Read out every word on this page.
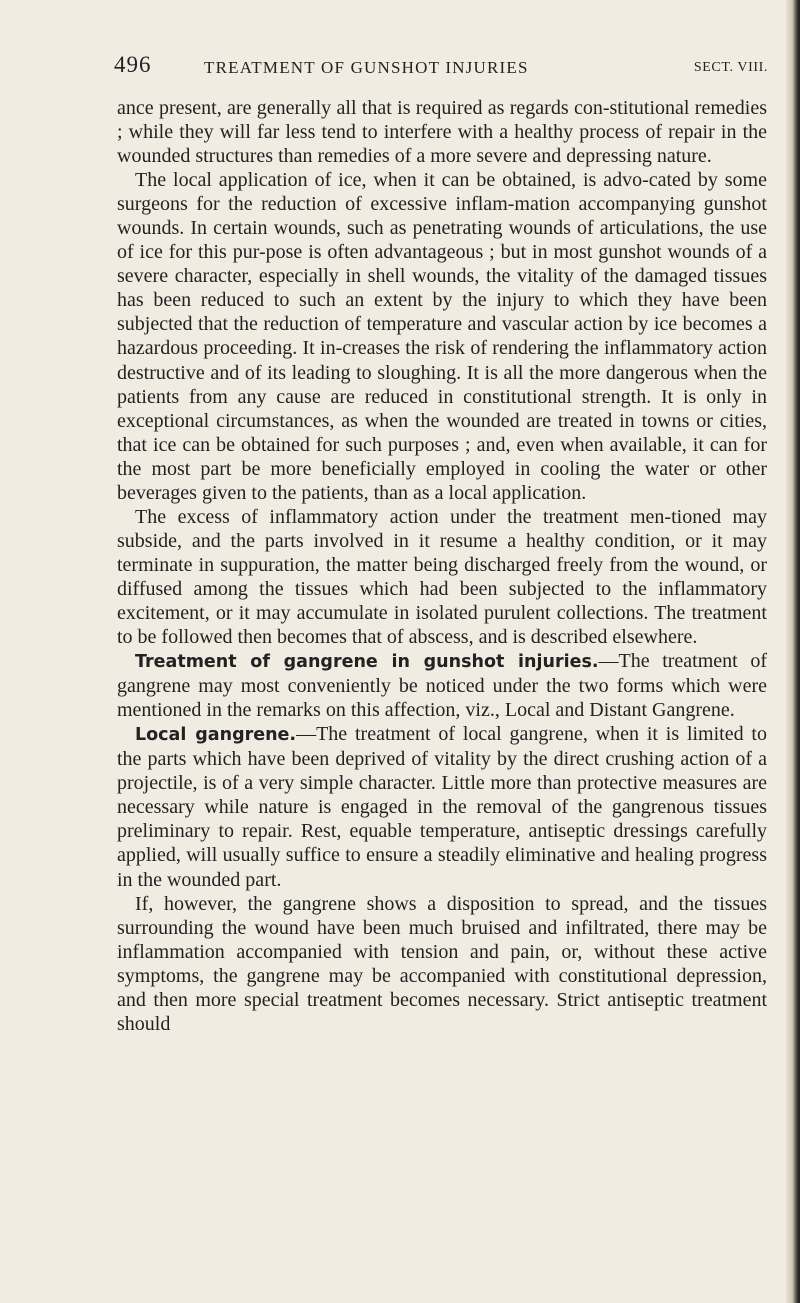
496	TREATMENT OF GUNSHOT INJURIES	SECT. VIII.

ance present, are generally all that is required as regards con-stitutional remedies ; while they will far less tend to interfere with a healthy process of repair in the wounded structures than remedies of a more severe and depressing nature.

The local application of ice, when it can be obtained, is advo-cated by some surgeons for the reduction of excessive inflam-mation accompanying gunshot wounds. In certain wounds, such as penetrating wounds of articulations, the use of ice for this pur-pose is often advantageous ; but in most gunshot wounds of a severe character, especially in shell wounds, the vitality of the damaged tissues has been reduced to such an extent by the injury to which they have been subjected that the reduction of temperature and vascular action by ice becomes a hazardous proceeding. It in-creases the risk of rendering the inflammatory action destructive and of its leading to sloughing. It is all the more dangerous when the patients from any cause are reduced in constitutional strength. It is only in exceptional circumstances, as when the wounded are treated in towns or cities, that ice can be obtained for such purposes ; and, even when available, it can for the most part be more beneficially employed in cooling the water or other beverages given to the patients, than as a local application.

The excess of inflammatory action under the treatment men-tioned may subside, and the parts involved in it resume a healthy condition, or it may terminate in suppuration, the matter being discharged freely from the wound, or diffused among the tissues which had been subjected to the inflammatory excitement, or it may accumulate in isolated purulent collections. The treatment to be followed then becomes that of abscess, and is described elsewhere.

Treatment of gangrene in gunshot injuries.—The treatment of gangrene may most conveniently be noticed under the two forms which were mentioned in the remarks on this affection, viz., Local and Distant Gangrene.

Local gangrene.—The treatment of local gangrene, when it is limited to the parts which have been deprived of vitality by the direct crushing action of a projectile, is of a very simple character. Little more than protective measures are necessary while nature is engaged in the removal of the gangrenous tissues preliminary to repair. Rest, equable temperature, antiseptic dressings carefully applied, will usually suffice to ensure a steadily eliminative and healing progress in the wounded part.

If, however, the gangrene shows a disposition to spread, and the tissues surrounding the wound have been much bruised and infiltrated, there may be inflammation accompanied with tension and pain, or, without these active symptoms, the gangrene may be accompanied with constitutional depression, and then more special treatment becomes necessary. Strict antiseptic treatment should
